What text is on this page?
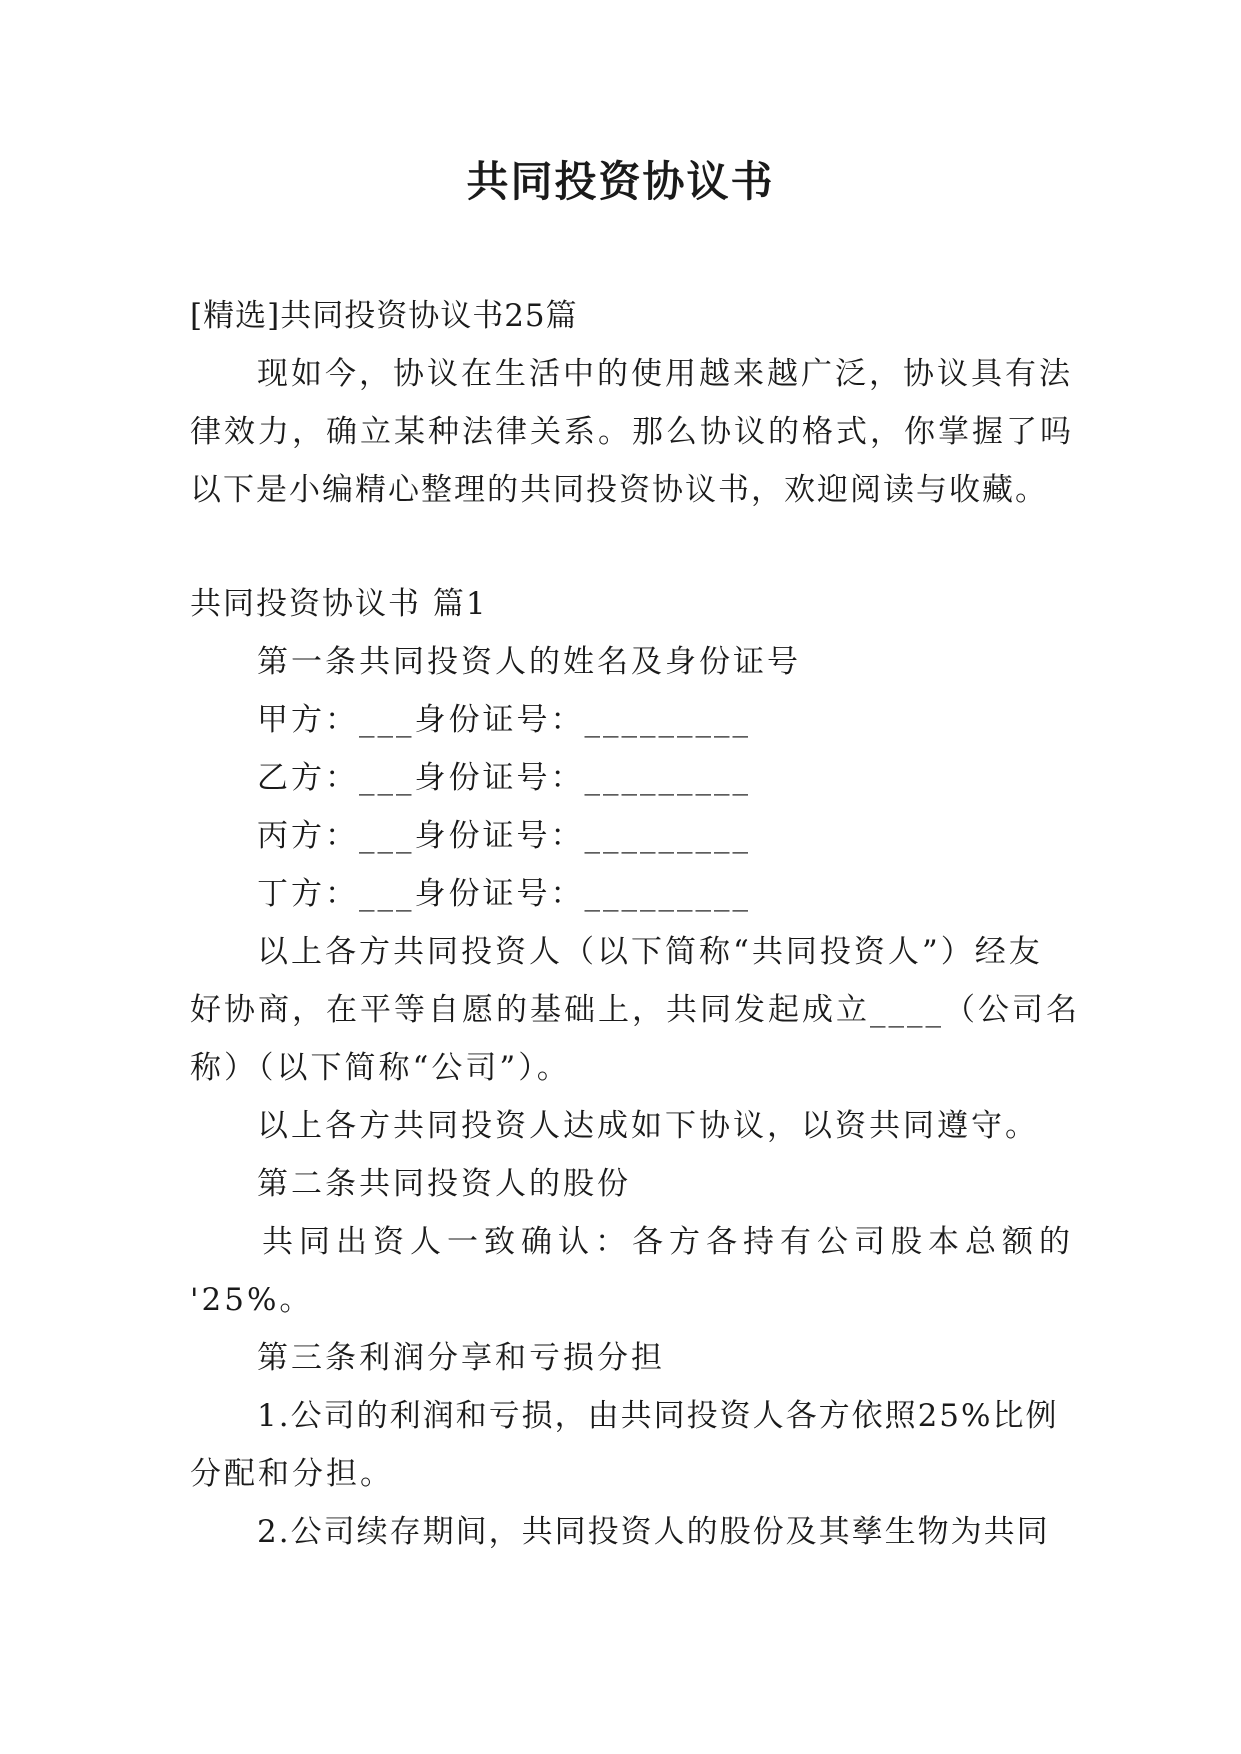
共同投资协议书
[精选]共同投资协议书25篇
现如今，协议在生活中的使用越来越广泛，协议具有法
律效力，确立某种法律关系。那么协议的格式，你掌握了吗
以下是小编精心整理的共同投资协议书，欢迎阅读与收藏。
共同投资协议书 篇1
第一条共同投资人的姓名及身份证号
甲方：___身份证号：_________
乙方：___身份证号：_________
丙方：___身份证号：_________
丁方：___身份证号：_________
以上各方共同投资人（以下简称“共同投资人”）经友
好协商，在平等自愿的基础上，共同发起成立____（公司名
称）（以下简称“公司”）。
以上各方共同投资人达成如下协议，以资共同遵守。
第二条共同投资人的股份
共同出资人一致确认：各方各持有公司股本总额的
'25%。
第三条利润分享和亏损分担
1.公司的利润和亏损，由共同投资人各方依照25%比例
分配和分担。
2.公司续存期间，共同投资人的股份及其孳生物为共同
